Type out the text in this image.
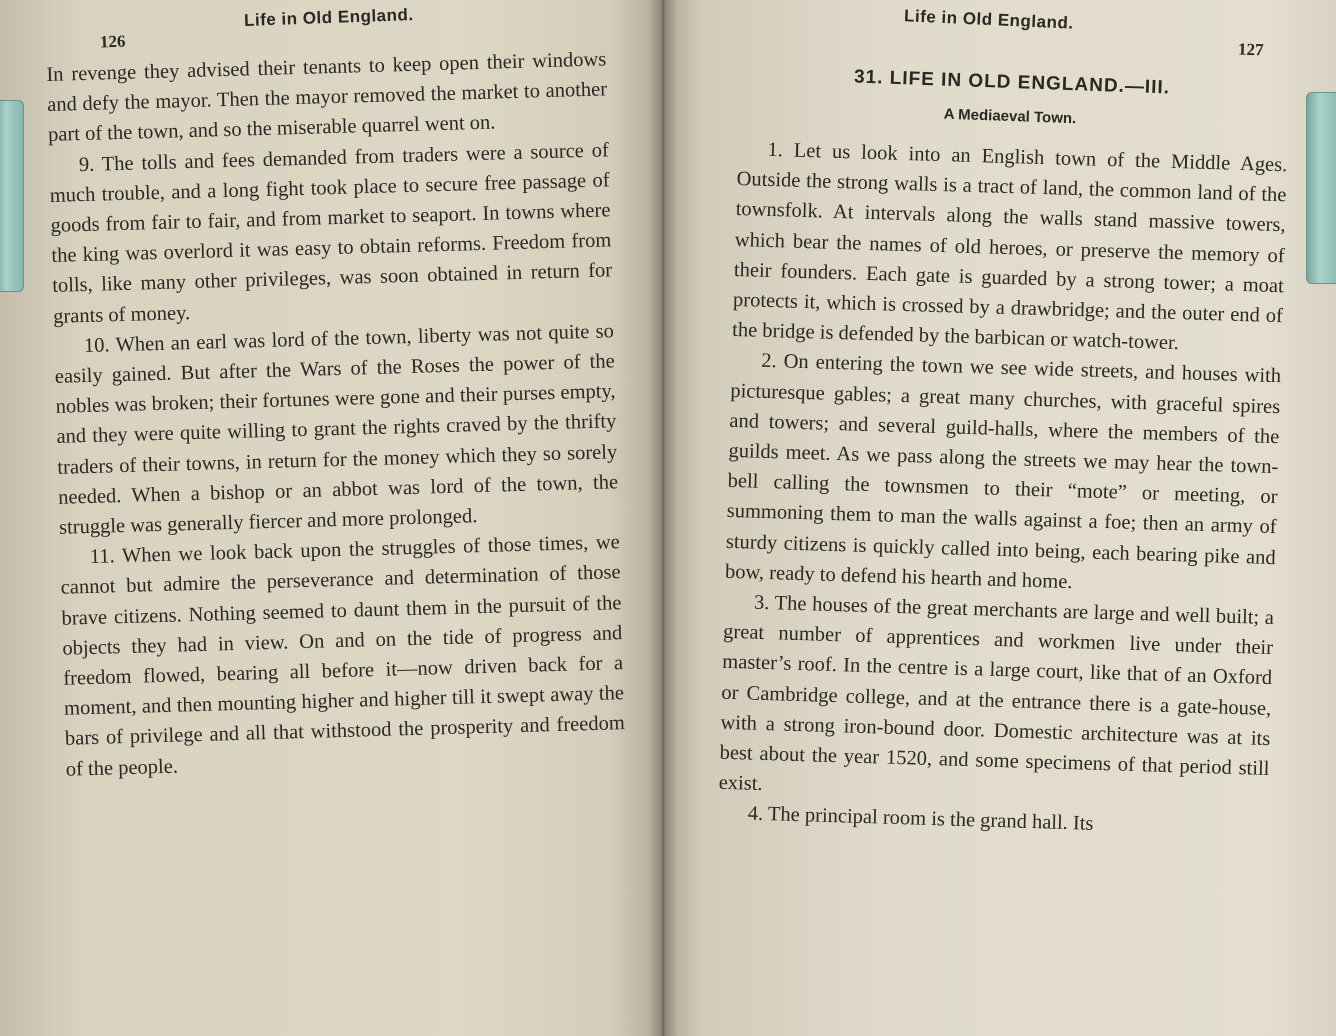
126
Life in Old England.

In revenge they advised their tenants to keep open their windows and defy the mayor. Then the mayor removed the market to another part of the town, and so the miserable quarrel went on.

9. The tolls and fees demanded from traders were a source of much trouble, and a long fight took place to secure free passage of goods from fair to fair, and from market to seaport. In towns where the king was overlord it was easy to obtain reforms. Freedom from tolls, like many other privileges, was soon obtained in return for grants of money.

10. When an earl was lord of the town, liberty was not quite so easily gained. But after the Wars of the Roses the power of the nobles was broken; their fortunes were gone and their purses empty, and they were quite willing to grant the rights craved by the thrifty traders of their towns, in return for the money which they so sorely needed. When a bishop or an abbot was lord of the town, the struggle was generally fiercer and more prolonged.

11. When we look back upon the struggles of those times, we cannot but admire the perseverance and determination of those brave citizens. Nothing seemed to daunt them in the pursuit of the objects they had in view. On and on the tide of progress and freedom flowed, bearing all before it—now driven back for a moment, and then mounting higher and higher till it swept away the bars of privilege and all that withstood the prosperity and freedom of the people.

Life in Old England.
127
31. LIFE IN OLD ENGLAND.—III.
A Mediaeval Town.

1. Let us look into an English town of the Middle Ages. Outside the strong walls is a tract of land, the common land of the townsfolk. At intervals along the walls stand massive towers, which bear the names of old heroes, or preserve the memory of their founders. Each gate is guarded by a strong tower; a moat protects it, which is crossed by a drawbridge; and the outer end of the bridge is defended by the barbican or watch-tower.

2. On entering the town we see wide streets, and houses with picturesque gables; a great many churches, with graceful spires and towers; and several guild-halls, where the members of the guilds meet. As we pass along the streets we may hear the town-bell calling the townsmen to their “mote” or meeting, or summoning them to man the walls against a foe; then an army of sturdy citizens is quickly called into being, each bearing pike and bow, ready to defend his hearth and home.

3. The houses of the great merchants are large and well built; a great number of apprentices and workmen live under their master’s roof. In the centre is a large court, like that of an Oxford or Cambridge college, and at the entrance there is a gate-house, with a strong iron-bound door. Domestic architecture was at its best about the year 1520, and some specimens of that period still exist.

4. The principal room is the grand hall. Its
